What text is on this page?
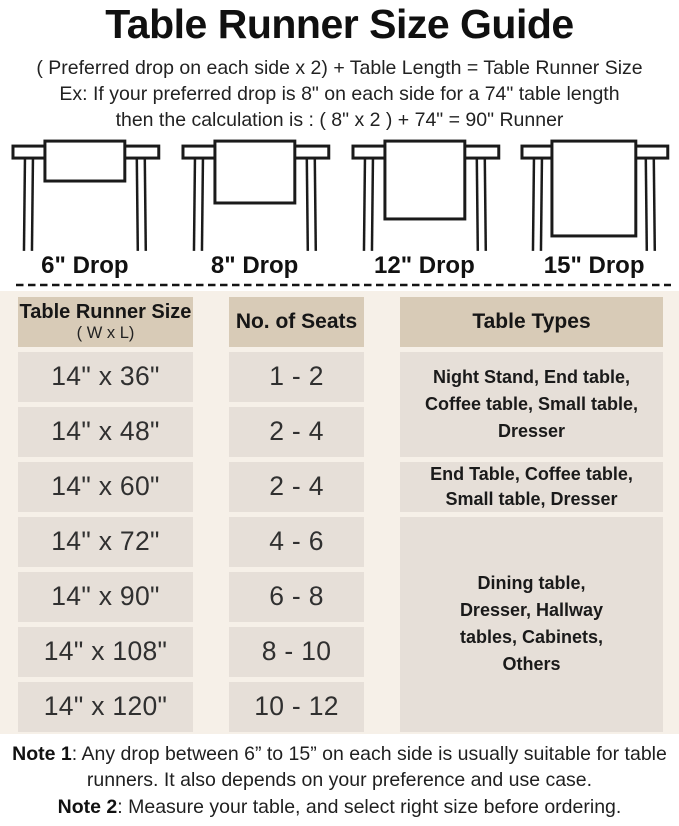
Table Runner Size Guide

( Preferred drop on each side x 2) + Table Length = Table Runner Size

Ex: If your preferred drop is 8" on each side for a 74" table length

then the calculation is : ( 8" x 2 ) + 74" = 90" Runner

6" Drop	8" Drop	12" Drop	15" Drop
Table Runner Size
( W x L)	No. of Seats	Table Types
14" x 36"	1 - 2	Night Stand, End table, Coffee table, Small table, Dresser
14" x 48"	2 - 4
14" x 60"	2 - 4	End Table, Coffee table, Small table, Dresser
14" x 72"	4 - 6
Dining table, Dresser, Hallway tables, Cabinets, Others
14" x 90"	6 - 8
14" x 108"	8 - 10
14" x 120"	10 - 12

Note 1: Any drop between 6” to 15” on each side is usually suitable for table runners. It also depends on your preference and use case.

Note 2: Measure your table, and select right size before ordering.
